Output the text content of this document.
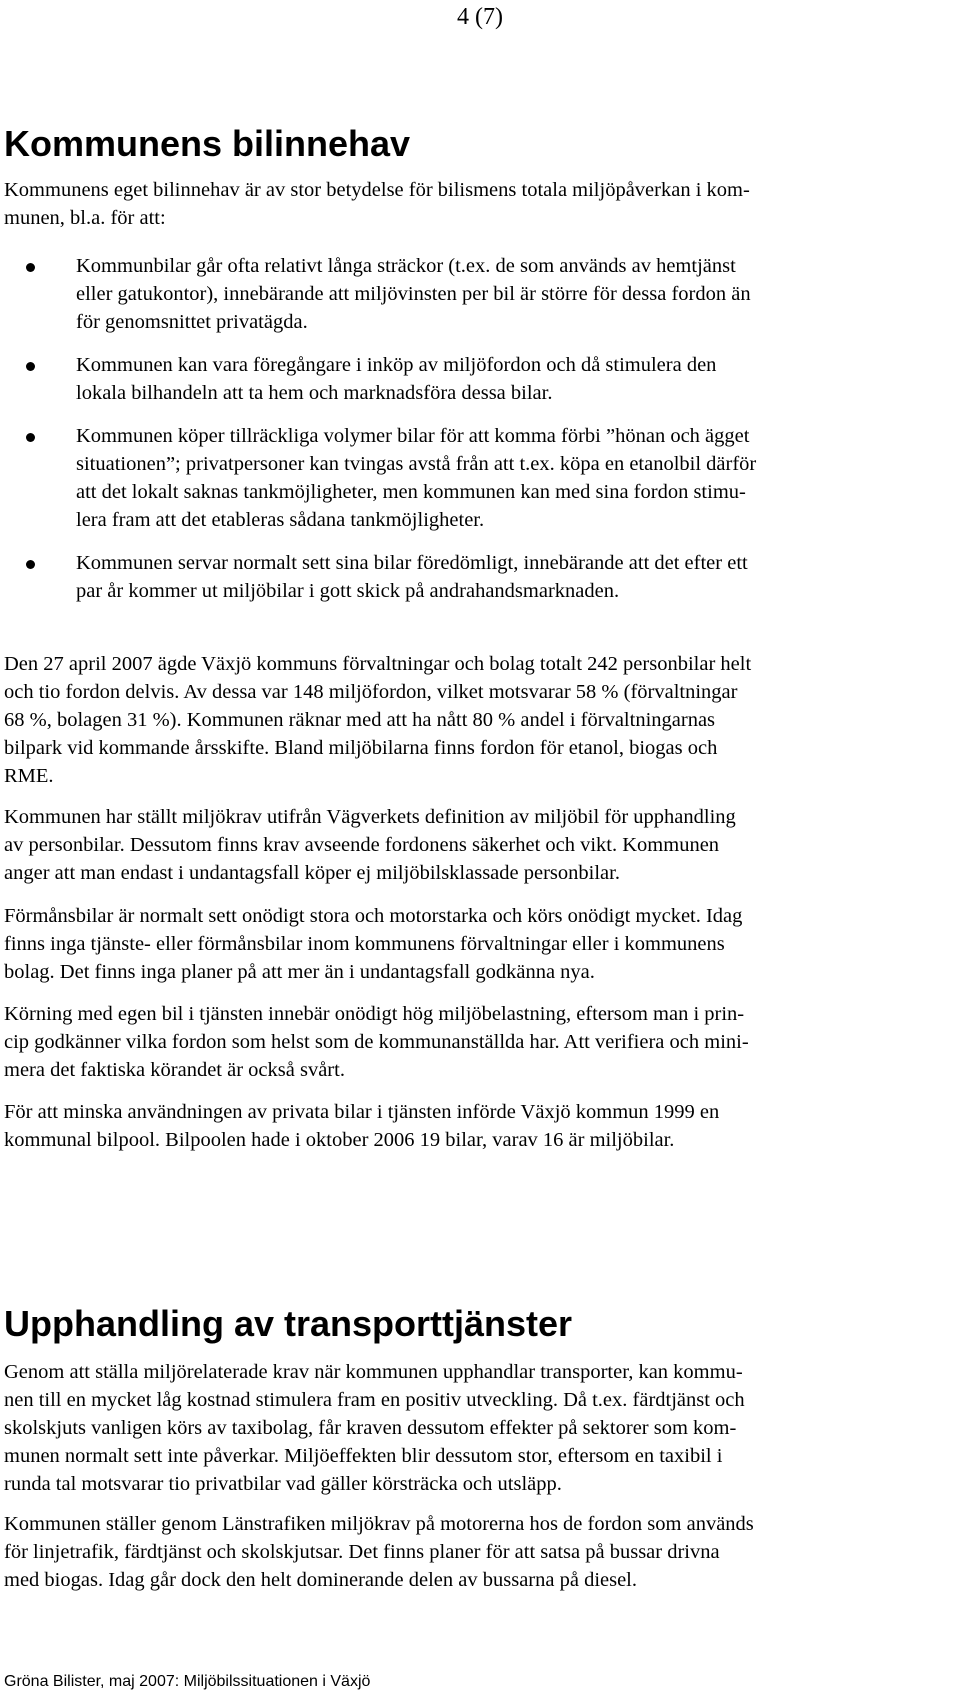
4 (7)
Kommunens bilinnehav

Kommunens eget bilinnehav är av stor betydelse för bilismens totala miljöpåverkan i kom-
munen, bl.a. för att:

Kommunbilar går ofta relativt långa sträckor (t.ex. de som används av hemtjänst
eller gatukontor), innebärande att miljövinsten per bil är större för dessa fordon än
för genomsnittet privatägda.
Kommunen kan vara föregångare i inköp av miljöfordon och då stimulera den
lokala bilhandeln att ta hem och marknadsföra dessa bilar.
Kommunen köper tillräckliga volymer bilar för att komma förbi ”hönan och ägget
situationen”; privatpersoner kan tvingas avstå från att t.ex. köpa en etanolbil därför
att det lokalt saknas tankmöjligheter, men kommunen kan med sina fordon stimu-
lera fram att det etableras sådana tankmöjligheter.
Kommunen servar normalt sett sina bilar föredömligt, innebärande att det efter ett
par år kommer ut miljöbilar i gott skick på andrahandsmarknaden.

Den 27 april 2007 ägde Växjö kommuns förvaltningar och bolag totalt 242 personbilar helt
och tio fordon delvis. Av dessa var 148 miljöfordon, vilket motsvarar 58 % (förvaltningar
68 %, bolagen 31 %). Kommunen räknar med att ha nått 80 % andel i förvaltningarnas
bilpark vid kommande årsskifte. Bland miljöbilarna finns fordon för etanol, biogas och
RME.

Kommunen har ställt miljökrav utifrån Vägverkets definition av miljöbil för upphandling
av personbilar. Dessutom finns krav avseende fordonens säkerhet och vikt. Kommunen
anger att man endast i undantagsfall köper ej miljöbilsklassade personbilar.

Förmånsbilar är normalt sett onödigt stora och motorstarka och körs onödigt mycket. Idag
finns inga tjänste- eller förmånsbilar inom kommunens förvaltningar eller i kommunens
bolag. Det finns inga planer på att mer än i undantagsfall godkänna nya.

Körning med egen bil i tjänsten innebär onödigt hög miljöbelastning, eftersom man i prin-
cip godkänner vilka fordon som helst som de kommunanställda har. Att verifiera och mini-
mera det faktiska körandet är också svårt.

För att minska användningen av privata bilar i tjänsten införde Växjö kommun 1999 en
kommunal bilpool. Bilpoolen hade i oktober 2006 19 bilar, varav 16 är miljöbilar.

Upphandling av transporttjänster

Genom att ställa miljörelaterade krav när kommunen upphandlar transporter, kan kommu-
nen till en mycket låg kostnad stimulera fram en positiv utveckling. Då t.ex. färdtjänst och
skolskjuts vanligen körs av taxibolag, får kraven dessutom effekter på sektorer som kom-
munen normalt sett inte påverkar. Miljöeffekten blir dessutom stor, eftersom en taxibil i
runda tal motsvarar tio privatbilar vad gäller körsträcka och utsläpp.

Kommunen ställer genom Länstrafiken miljökrav på motorerna hos de fordon som används
för linjetrafik, färdtjänst och skolskjutsar. Det finns planer för att satsa på bussar drivna
med biogas. Idag går dock den helt dominerande delen av bussarna på diesel.

Gröna Bilister, maj 2007: Miljöbilssituationen i Växjö
